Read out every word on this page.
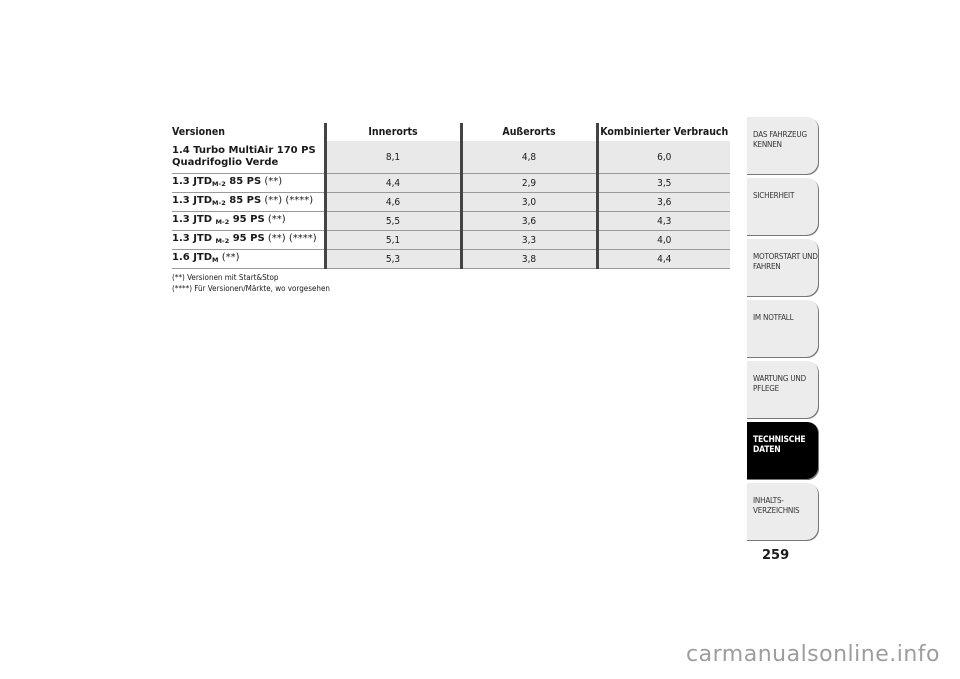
Versionen	Innerorts	Außerorts	Kombinierter Verbrauch
1.4 Turbo MultiAir 170 PS
Quadrifoglio Verde	8,1	4,8	6,0
1.3 $JTD_{M-2}$ 85 PS (**)	4,4	2,9	3,5
1.3 $JTD_{M-2}$ 85 PS (**) (****)	4,6	3,0	3,6
1.3 JTD $_{M-2}$ 95 PS (**)	5,5	3,6	4,3
1.3 JTD $_{M-2}$ 95 PS (**) (****)	5,1	3,3	4,0
1.6 $JTD_M$ (**)	5,3	3,8	4,4
(**) Versionen mit Start&Stop
(****) Für Versionen/Märkte, wo vorgesehen
DAS FAHRZEUG KENNEN
SICHERHEIT
MOTORSTART UND FAHREN
IM NOTFALL
WARTUNG UND PFLEGE
TECHNISCHE DATEN
INHALTS-VERZEICHNIS
259
carmanualsonline.info
